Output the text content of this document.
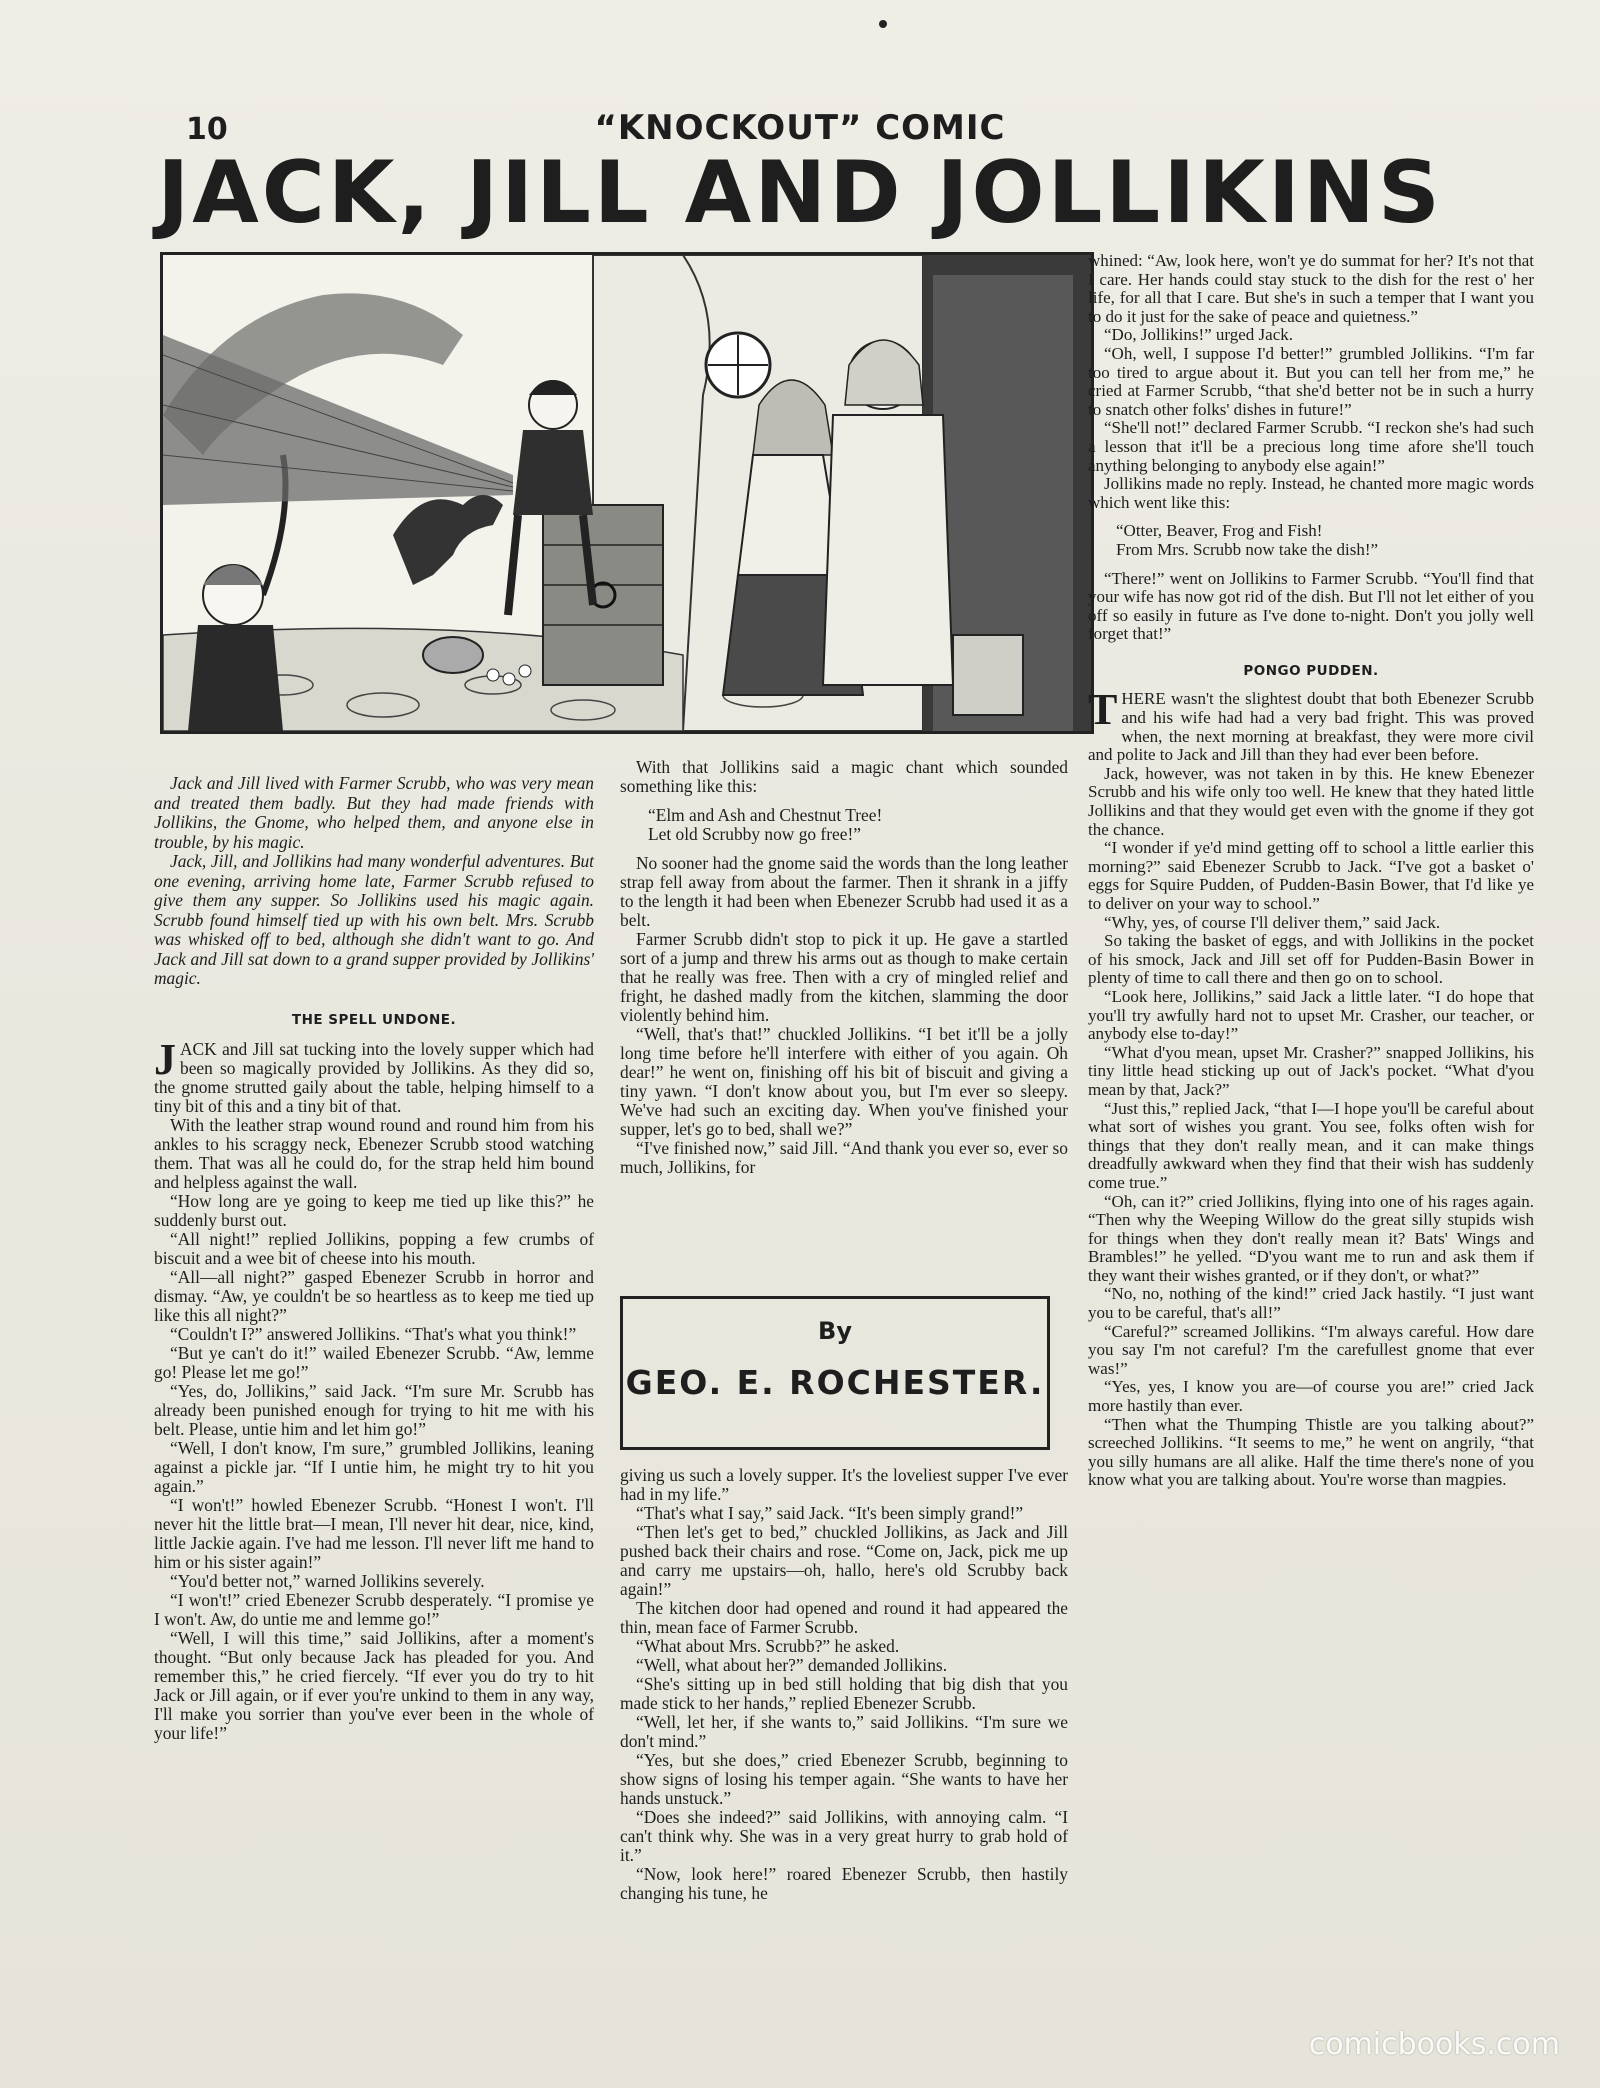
10	“KNOCKOUT” COMIC
JACK, JILL AND JOLLIKINS

Jack and Jill lived with Farmer Scrubb, who was very mean and treated them badly. But they had made friends with Jollikins, the Gnome, who helped them, and anyone else in trouble, by his magic.

Jack, Jill, and Jollikins had many wonderful adventures. But one evening, arriving home late, Farmer Scrubb refused to give them any supper. So Jollikins used his magic again. Scrubb found himself tied up with his own belt. Mrs. Scrubb was whisked off to bed, although she didn't want to go. And Jack and Jill sat down to a grand supper provided by Jollikins' magic.

THE SPELL UNDONE.

JACK and Jill sat tucking into the lovely supper which had been so magically provided by Jollikins. As they did so, the gnome strutted gaily about the table, helping himself to a tiny bit of this and a tiny bit of that.

With the leather strap wound round and round him from his ankles to his scraggy neck, Ebenezer Scrubb stood watching them. That was all he could do, for the strap held him bound and helpless against the wall.

“How long are ye going to keep me tied up like this?” he suddenly burst out.

“All night!” replied Jollikins, popping a few crumbs of biscuit and a wee bit of cheese into his mouth.

“All—all night?” gasped Ebenezer Scrubb in horror and dismay. “Aw, ye couldn't be so heartless as to keep me tied up like this all night?”

“Couldn't I?” answered Jollikins. “That's what you think!”

“But ye can't do it!” wailed Ebenezer Scrubb. “Aw, lemme go! Please let me go!”

“Yes, do, Jollikins,” said Jack. “I'm sure Mr. Scrubb has already been punished enough for trying to hit me with his belt. Please, untie him and let him go!”

“Well, I don't know, I'm sure,” grumbled Jollikins, leaning against a pickle jar. “If I untie him, he might try to hit you again.”

“I won't!” howled Ebenezer Scrubb. “Honest I won't. I'll never hit the little brat—I mean, I'll never hit dear, nice, kind, little Jackie again. I've had me lesson. I'll never lift me hand to him or his sister again!”

“You'd better not,” warned Jollikins severely.

“I won't!” cried Ebenezer Scrubb desperately. “I promise ye I won't. Aw, do untie me and lemme go!”

“Well, I will this time,” said Jollikins, after a moment's thought. “But only because Jack has pleaded for you. And remember this,” he cried fiercely. “If ever you do try to hit Jack or Jill again, or if ever you're unkind to them in any way, I'll make you sorrier than you've ever been in the whole of your life!”

With that Jollikins said a magic chant which sounded something like this:

“Elm and Ash and Chestnut Tree!

Let old Scrubby now go free!”

No sooner had the gnome said the words than the long leather strap fell away from about the farmer. Then it shrank in a jiffy to the length it had been when Ebenezer Scrubb had used it as a belt.

Farmer Scrubb didn't stop to pick it up. He gave a startled sort of a jump and threw his arms out as though to make certain that he really was free. Then with a cry of mingled relief and fright, he dashed madly from the kitchen, slamming the door violently behind him.

“Well, that's that!” chuckled Jollikins. “I bet it'll be a jolly long time before he'll interfere with either of you again. Oh dear!” he went on, finishing off his bit of biscuit and giving a tiny yawn. “I don't know about you, but I'm ever so sleepy. We've had such an exciting day. When you've finished your supper, let's go to bed, shall we?”

“I've finished now,” said Jill. “And thank you ever so, ever so much, Jollikins, for

By
GEO. E. ROCHESTER.

giving us such a lovely supper. It's the loveliest supper I've ever had in my life.”

“That's what I say,” said Jack. “It's been simply grand!”

“Then let's get to bed,” chuckled Jollikins, as Jack and Jill pushed back their chairs and rose. “Come on, Jack, pick me up and carry me upstairs—oh, hallo, here's old Scrubby back again!”

The kitchen door had opened and round it had appeared the thin, mean face of Farmer Scrubb.

“What about Mrs. Scrubb?” he asked.

“Well, what about her?” demanded Jollikins.

“She's sitting up in bed still holding that big dish that you made stick to her hands,” replied Ebenezer Scrubb.

“Well, let her, if she wants to,” said Jollikins. “I'm sure we don't mind.”

“Yes, but she does,” cried Ebenezer Scrubb, beginning to show signs of losing his temper again. “She wants to have her hands unstuck.”

“Does she indeed?” said Jollikins, with annoying calm. “I can't think why. She was in a very great hurry to grab hold of it.”

“Now, look here!” roared Ebenezer Scrubb, then hastily changing his tune, he

whined: “Aw, look here, won't ye do summat for her? It's not that I care. Her hands could stay stuck to the dish for the rest o' her life, for all that I care. But she's in such a temper that I want you to do it just for the sake of peace and quietness.”

“Do, Jollikins!” urged Jack.

“Oh, well, I suppose I'd better!” grumbled Jollikins. “I'm far too tired to argue about it. But you can tell her from me,” he cried at Farmer Scrubb, “that she'd better not be in such a hurry to snatch other folks' dishes in future!”

“She'll not!” declared Farmer Scrubb. “I reckon she's had such a lesson that it'll be a precious long time afore she'll touch anything belonging to anybody else again!”

Jollikins made no reply. Instead, he chanted more magic words which went like this:

“Otter, Beaver, Frog and Fish!

From Mrs. Scrubb now take the dish!”

“There!” went on Jollikins to Farmer Scrubb. “You'll find that your wife has now got rid of the dish. But I'll not let either of you off so easily in future as I've done to-night. Don't you jolly well forget that!”

PONGO PUDDEN.

THERE wasn't the slightest doubt that both Ebenezer Scrubb and his wife had had a very bad fright. This was proved when, the next morning at breakfast, they were more civil and polite to Jack and Jill than they had ever been before.

Jack, however, was not taken in by this. He knew Ebenezer Scrubb and his wife only too well. He knew that they hated little Jollikins and that they would get even with the gnome if they got the chance.

“I wonder if ye'd mind getting off to school a little earlier this morning?” said Ebenezer Scrubb to Jack. “I've got a basket o' eggs for Squire Pudden, of Pudden-Basin Bower, that I'd like ye to deliver on your way to school.”

“Why, yes, of course I'll deliver them,” said Jack.

So taking the basket of eggs, and with Jollikins in the pocket of his smock, Jack and Jill set off for Pudden-Basin Bower in plenty of time to call there and then go on to school.

“Look here, Jollikins,” said Jack a little later. “I do hope that you'll try awfully hard not to upset Mr. Crasher, our teacher, or anybody else to-day!”

“What d'you mean, upset Mr. Crasher?” snapped Jollikins, his tiny little head sticking up out of Jack's pocket. “What d'you mean by that, Jack?”

“Just this,” replied Jack, “that I—I hope you'll be careful about what sort of wishes you grant. You see, folks often wish for things that they don't really mean, and it can make things dreadfully awkward when they find that their wish has suddenly come true.”

“Oh, can it?” cried Jollikins, flying into one of his rages again. “Then why the Weeping Willow do the great silly stupids wish for things when they don't really mean it? Bats' Wings and Brambles!” he yelled. “D'you want me to run and ask them if they want their wishes granted, or if they don't, or what?”

“No, no, nothing of the kind!” cried Jack hastily. “I just want you to be careful, that's all!”

“Careful?” screamed Jollikins. “I'm always careful. How dare you say I'm not careful? I'm the carefullest gnome that ever was!”

“Yes, yes, I know you are—of course you are!” cried Jack more hastily than ever.

“Then what the Thumping Thistle are you talking about?” screeched Jollikins. “It seems to me,” he went on angrily, “that you silly humans are all alike. Half the time there's none of you know what you are talking about. You're worse than magpies.

comicbooks.com
